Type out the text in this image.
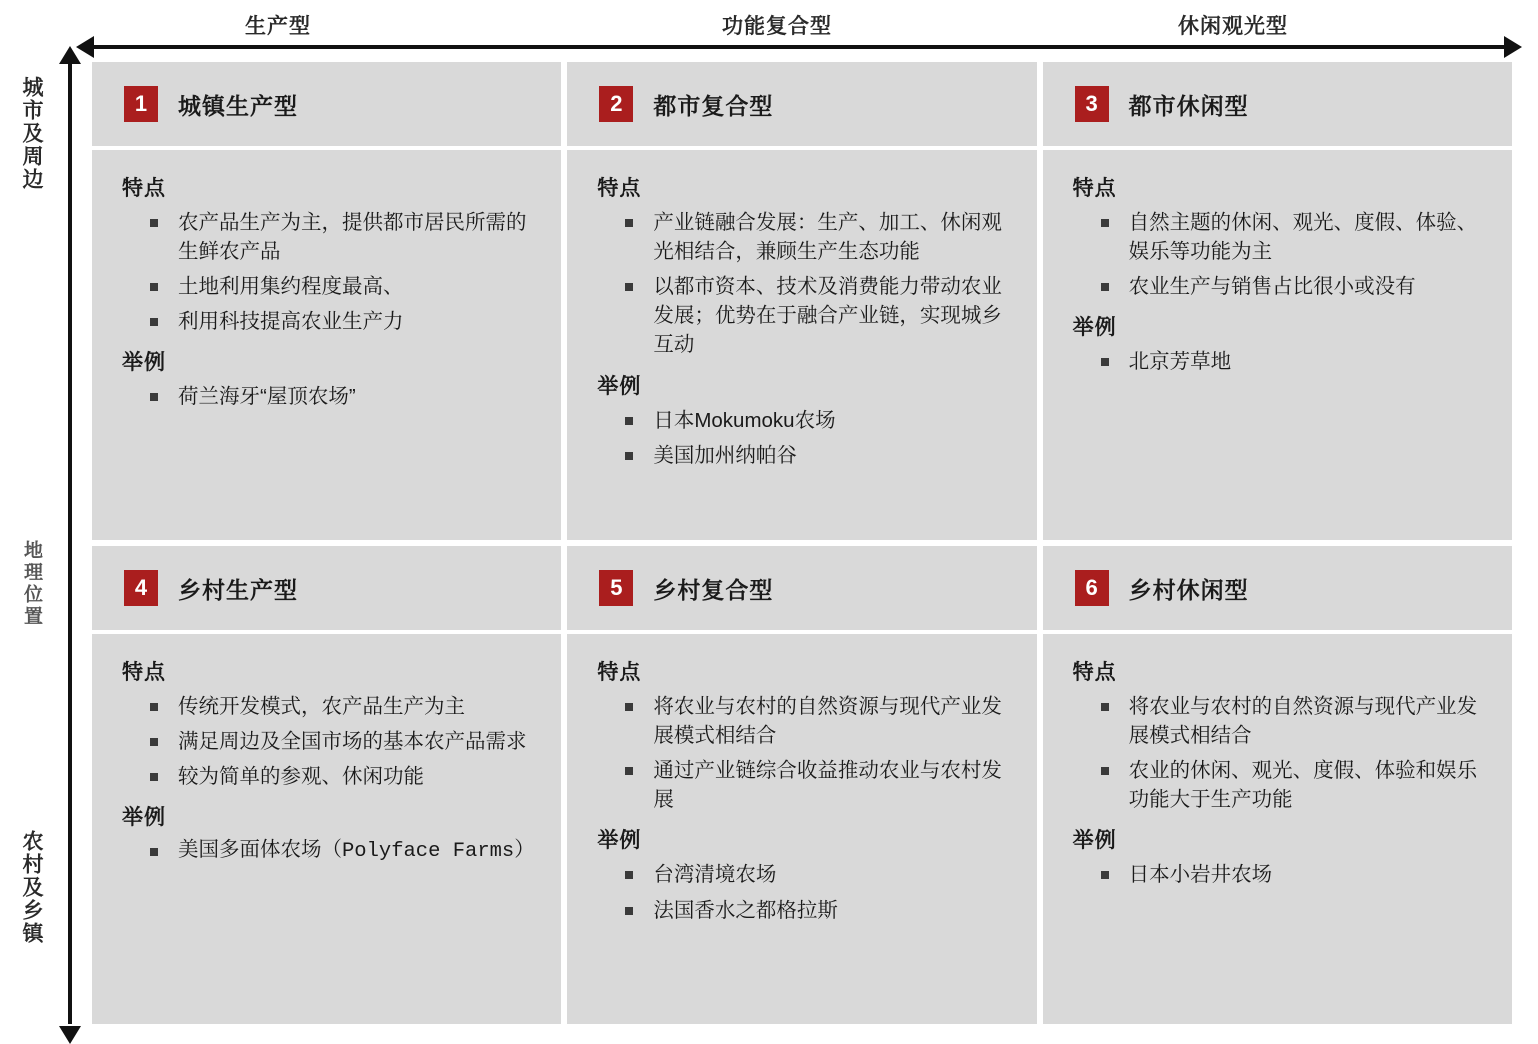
生产型	功能复合型	休闲观光型
城市及周边
地理位置
农村及乡镇
1	城镇生产型
特点
农产品生产为主，提供都市居民所需的生鲜农产品
土地利用集约程度最高、
利用科技提高农业生产力
举例
荷兰海牙“屋顶农场”
2	都市复合型
特点
产业链融合发展：生产、加工、休闲观光相结合，兼顾生产生态功能
以都市资本、技术及消费能力带动农业发展；优势在于融合产业链，实现城乡互动
举例
日本Mokumoku农场
美国加州纳帕谷
3	都市休闲型
特点
自然主题的休闲、观光、度假、体验、娱乐等功能为主
农业生产与销售占比很小或没有
举例
北京芳草地
4	乡村生产型
特点
传统开发模式，农产品生产为主
满足周边及全国市场的基本农产品需求
较为简单的参观、休闲功能
举例
美国多面体农场（Polyface Farms）
5	乡村复合型
特点
将农业与农村的自然资源与现代产业发展模式相结合
通过产业链综合收益推动农业与农村发展
举例
台湾清境农场
法国香水之都格拉斯
6	乡村休闲型
特点
将农业与农村的自然资源与现代产业发展模式相结合
农业的休闲、观光、度假、体验和娱乐功能大于生产功能
举例
日本小岩井农场
